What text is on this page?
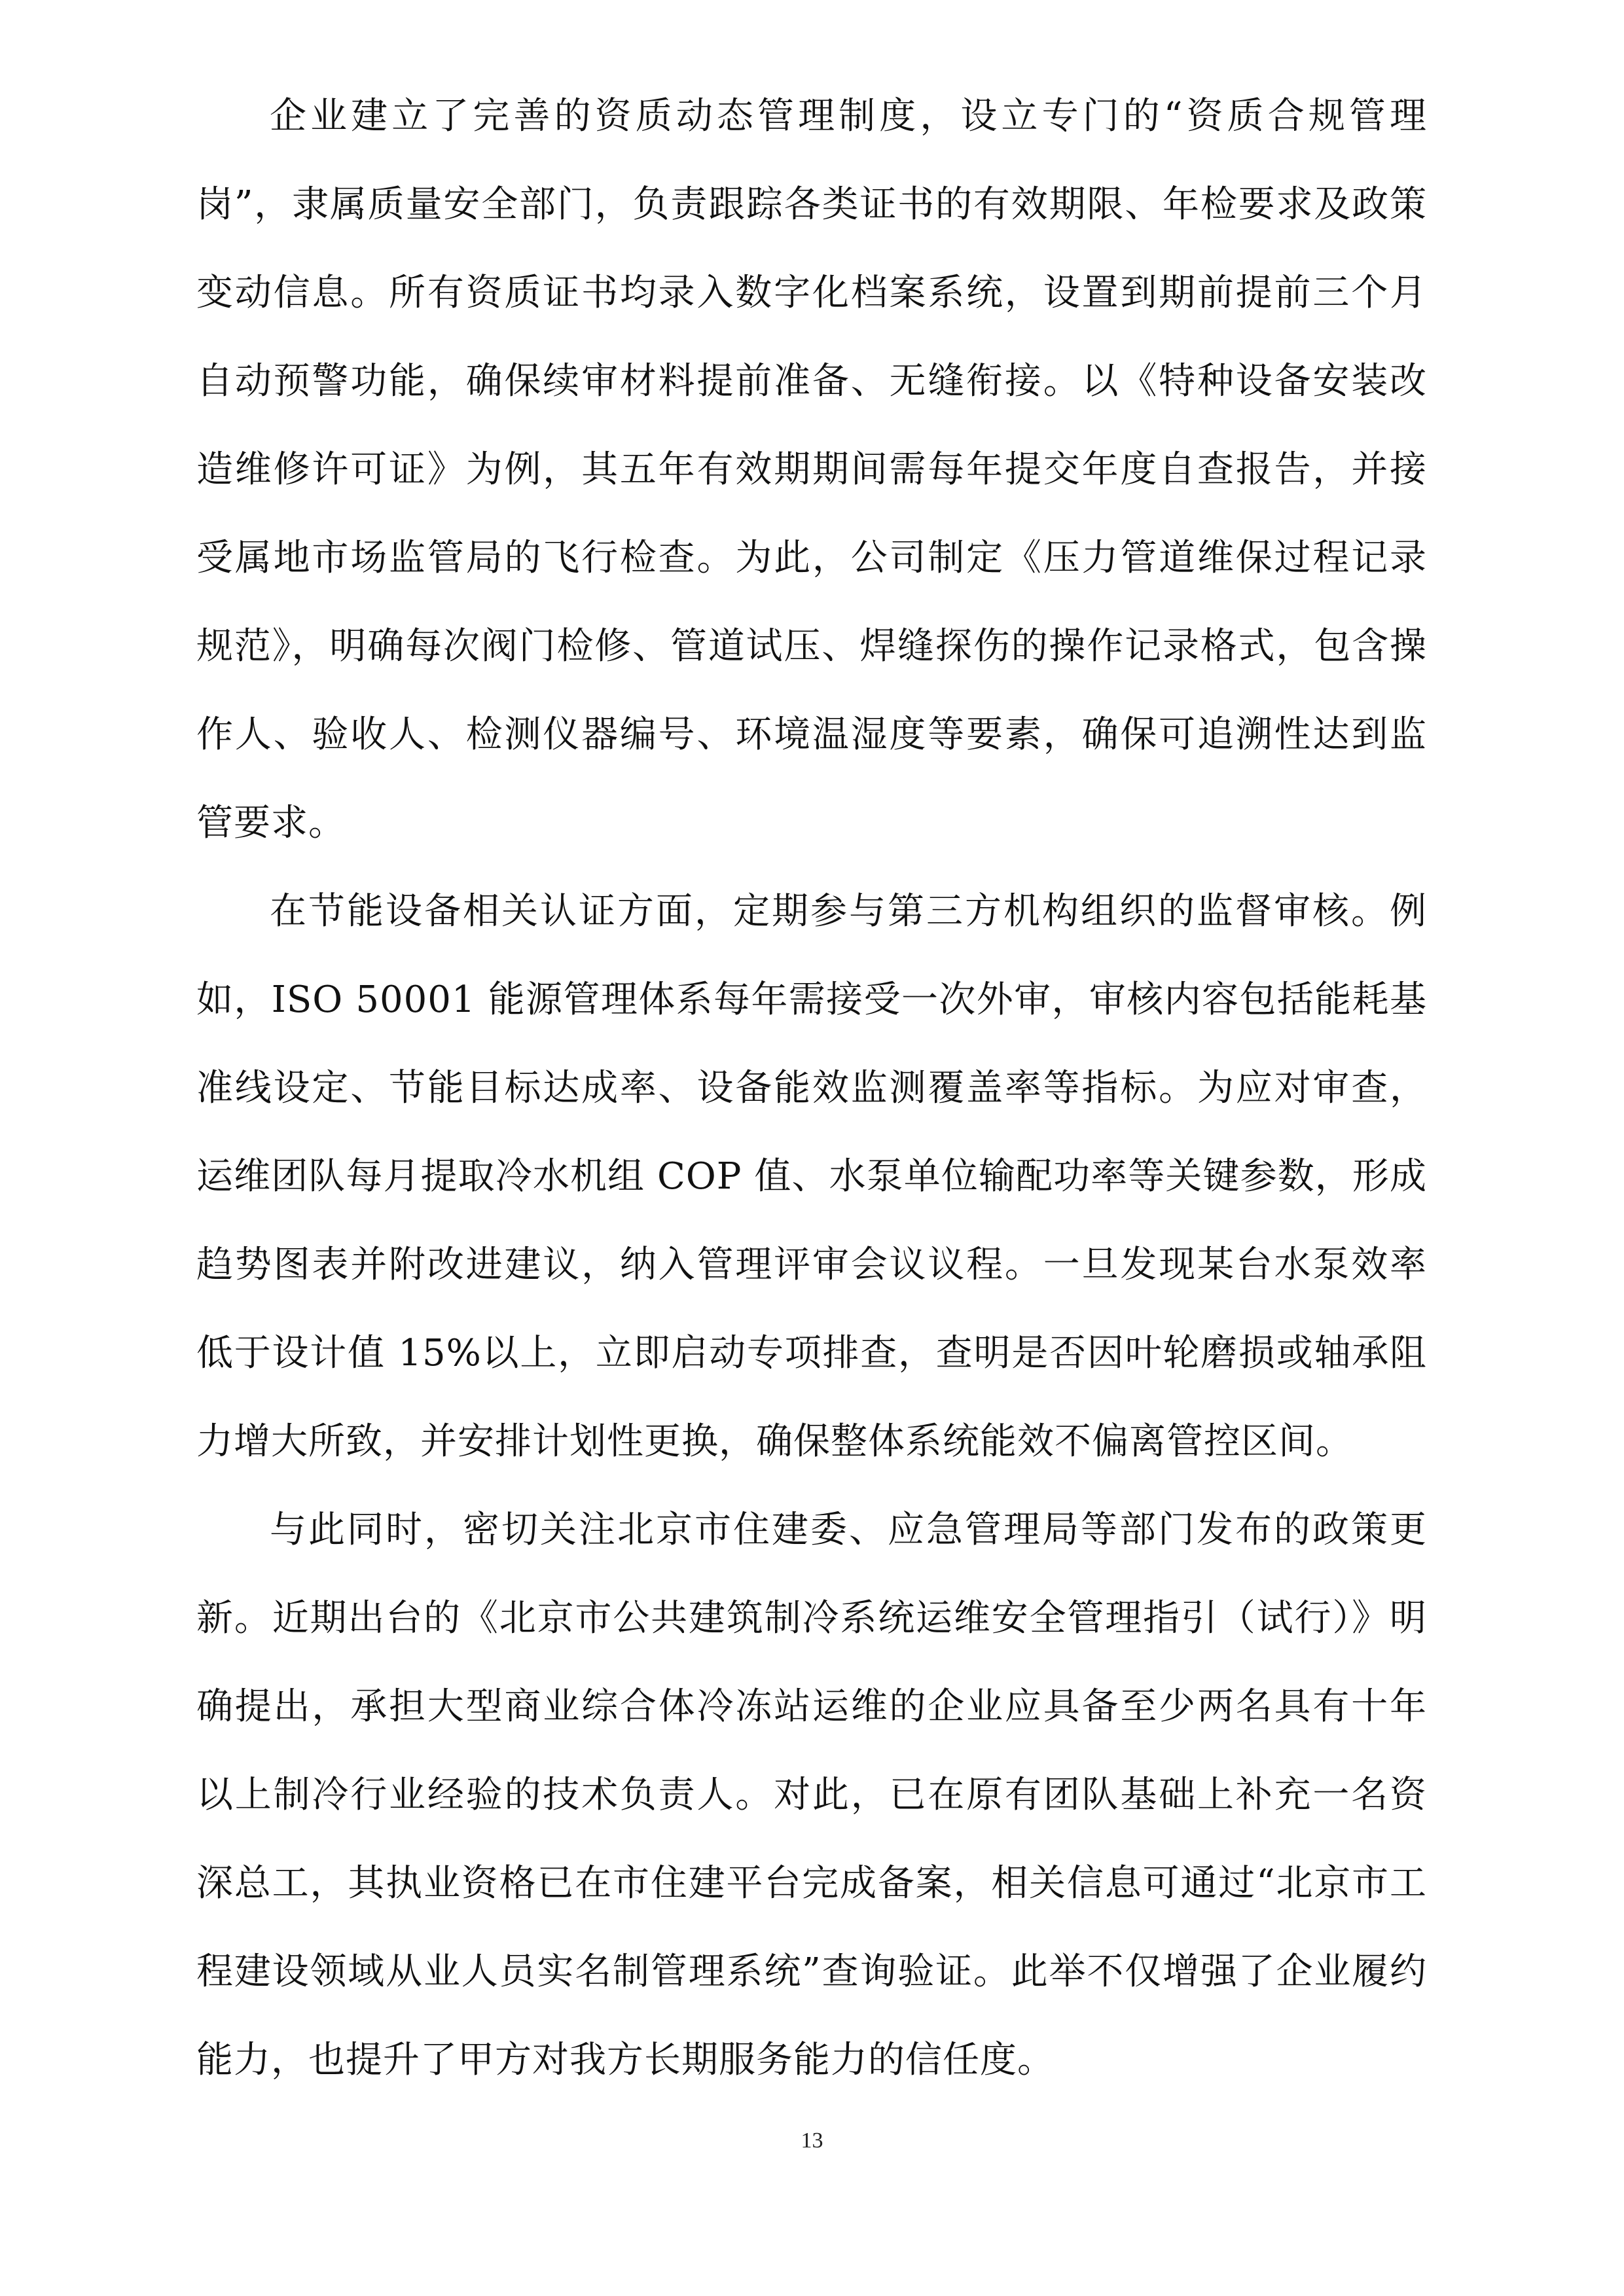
企业建立了完善的资质动态管理制度，设立专门的“资质合规管理岗”，隶属质量安全部门，负责跟踪各类证书的有效期限、年检要求及政策变动信息。所有资质证书均录入数字化档案系统，设置到期前提前三个月自动预警功能，确保续审材料提前准备、无缝衔接。以《特种设备安装改造维修许可证》为例，其五年有效期期间需每年提交年度自查报告，并接受属地市场监管局的飞行检查。为此，公司制定《压力管道维保过程记录规范》，明确每次阀门检修、管道试压、焊缝探伤的操作记录格式，包含操作人、验收人、检测仪器编号、环境温湿度等要素，确保可追溯性达到监管要求。

在节能设备相关认证方面，定期参与第三方机构组织的监督审核。例如，ISO 50001 能源管理体系每年需接受一次外审，审核内容包括能耗基准线设定、节能目标达成率、设备能效监测覆盖率等指标。为应对审查，运维团队每月提取冷水机组 COP 值、水泵单位输配功率等关键参数，形成趋势图表并附改进建议，纳入管理评审会议议程。一旦发现某台水泵效率低于设计值 15%以上，立即启动专项排查，查明是否因叶轮磨损或轴承阻力增大所致，并安排计划性更换，确保整体系统能效不偏离管控区间。

与此同时，密切关注北京市住建委、应急管理局等部门发布的政策更新。近期出台的《北京市公共建筑制冷系统运维安全管理指引（试行）》明确提出，承担大型商业综合体冷冻站运维的企业应具备至少两名具有十年以上制冷行业经验的技术负责人。对此，已在原有团队基础上补充一名资深总工，其执业资格已在市住建平台完成备案，相关信息可通过“北京市工程建设领域从业人员实名制管理系统”查询验证。此举不仅增强了企业履约能力，也提升了甲方对我方长期服务能力的信任度。

13
